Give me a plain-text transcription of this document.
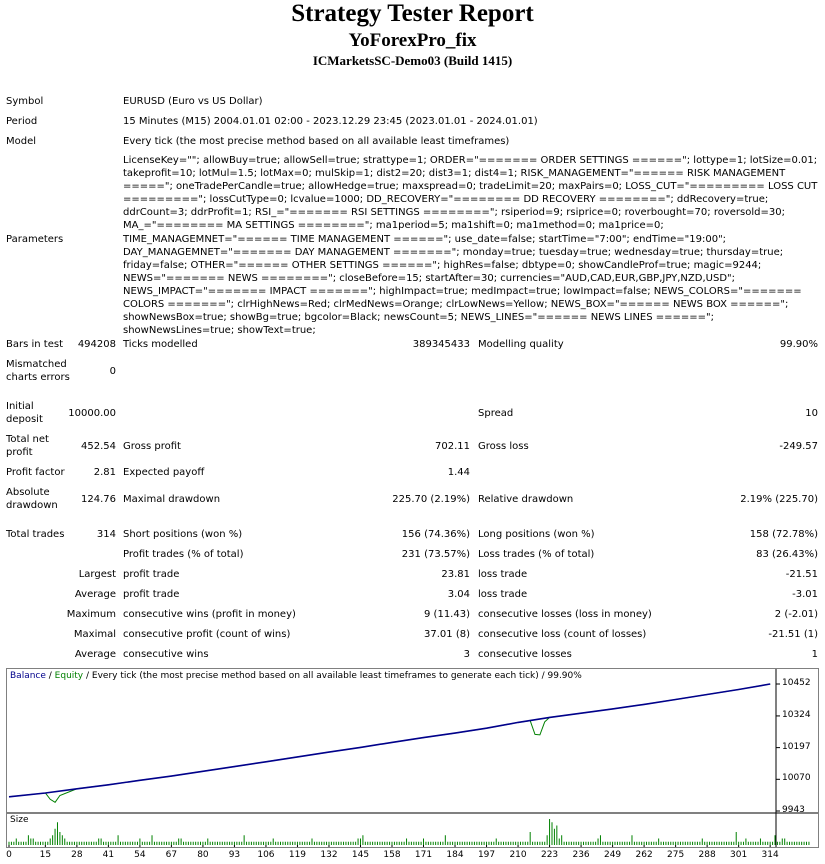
Strategy Tester Report
YoForexPro_fix
ICMarketsSC-Demo03 (Build 1415)
Symbol	EURUSD (Euro vs US Dollar)
Period	15 Minutes (M15) 2004.01.01 02:00 - 2023.12.29 23:45 (2023.01.01 - 2024.01.01)
Model	Every tick (the most precise method based on all available least timeframes)
Parameters
LicenseKey=""; allowBuy=true; allowSell=true; strattype=1; ORDER="======= ORDER SETTINGS ======"; lottype=1; lotSize=0.01; takeprofit=10; lotMul=1.5; lotMax=0; mulSkip=1; dist2=20; dist3=1; dist4=1; RISK_MANAGEMENT="====== RISK MANAGEMENT ====="; oneTradePerCandle=true; allowHedge=true; maxspread=0; tradeLimit=20; maxPairs=0; LOSS_CUT="========= LOSS CUT ========="; lossCutType=0; lcvalue=1000; DD_RECOVERY="======== DD RECOVERY ========"; ddRecovery=true; ddrCount=3; ddrProfit=1; RSI_="======= RSI SETTINGS ========"; rsiperiod=9; rsiprice=0; roverbought=70; roversold=30; MA_="======== MA SETTINGS ========"; ma1period=5; ma1shift=0; ma1method=0; ma1price=0; TIME_MANAGEMNET="====== TIME MANAGEMENT ======"; use_date=false; startTime="7:00"; endTime="19:00"; DAY_MANAGEMNET="======= DAY MANAGEMENT ======="; monday=true; tuesday=true; wednesday=true; thursday=true; friday=false; OTHER="====== OTHER SETTINGS ======"; highRes=false; dbtype=0; showCandleProf=true; magic=9244; NEWS="======= NEWS ========"; closeBefore=15; startAfter=30; currencies="AUD,CAD,EUR,GBP,JPY,NZD,USD"; NEWS_IMPACT="======= IMPACT ======="; highImpact=true; medImpact=true; lowImpact=false; NEWS_COLORS="======= COLORS ======="; clrHighNews=Red; clrMedNews=Orange; clrLowNews=Yellow; NEWS_BOX="====== NEWS BOX ======"; showNewsBox=true; showBg=true; bgcolor=Black; newsCount=5; NEWS_LINES="====== NEWS LINES ======"; showNewsLines=true; showText=true;
Bars in test	494208 Ticks modelled	389345433 Modelling quality	99.90%
Mismatched
charts errors
0
Initial
deposit
10000.00	Spread	10
Total net
profit
452.54 Gross profit	702.11 Gross loss	-249.57
Profit factor	2.81 Expected payoff	1.44
Absolute
drawdown
124.76 Maximal drawdown	225.70 (2.19%) Relative drawdown	2.19% (225.70)
Total trades	314 Short positions (won %)	156 (74.36%) Long positions (won %)	158 (72.78%)
Profit trades (% of total)	231 (73.57%) Loss trades (% of total)	83 (26.43%)
Largest profit trade	23.81 loss trade	-21.51
Average profit trade	3.04 loss trade	-3.01
Maximum consecutive wins (profit in money)	9 (11.43) consecutive losses (loss in money)	2 (-2.01)
Maximal consecutive profit (count of wins)	37.01 (8) consecutive loss (count of losses)	-21.51 (1)
Average consecutive wins	3 consecutive losses	1
Balance / Equity / Every tick (the most precise method based on all available least timeframes to generate each tick) / 99.90%
Size
10452
10324
10197
10070
9943
0	15 28 41 54 67 80 93 106 119 132 145 158 171 184 197 210 223 236 249 262 275 288 301 314
